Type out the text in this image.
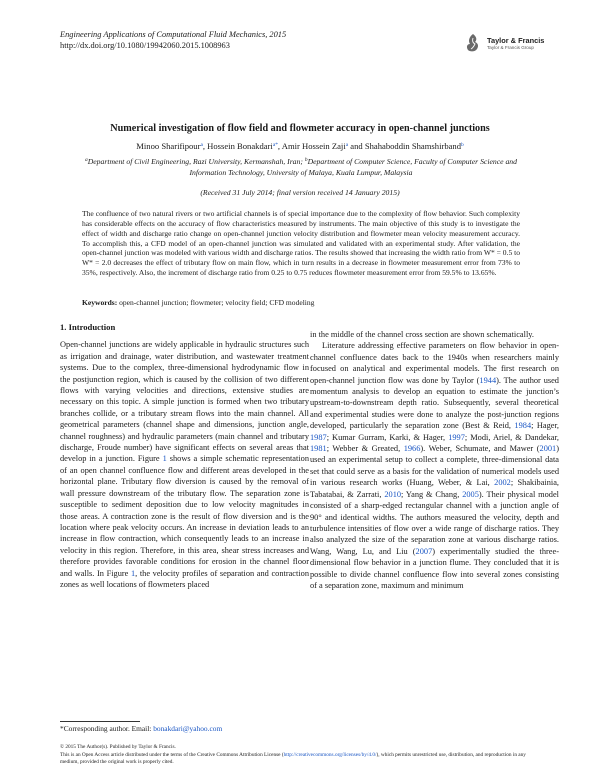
Engineering Applications of Computational Fluid Mechanics, 2015
http://dx.doi.org/10.1080/19942060.2015.1008963	Taylor & Francis
Taylor & Francis Group
Numerical investigation of flow field and flowmeter accuracy in open-channel junctions
Minoo Sharifipour$^a$, Hossein Bonakdari$^{a*}$, Amir Hossein Zaji$^a$ and Shahaboddin Shamshirband$^b$
$^a$Department of Civil Engineering, Razi University, Kermanshah, Iran; $^b$Department of Computer Science, Faculty of Computer Science and Information Technology, University of Malaya, Kuala Lumpur, Malaysia
(Received 31 July 2014; final version received 14 January 2015)
The confluence of two natural rivers or two artificial channels is of special importance due to the complexity of flow behavior. Such complexity has considerable effects on the accuracy of flow characteristics measured by instruments. The main objective of this study is to investigate the effect of width and discharge ratio change on open-channel junction velocity distribution and flowmeter mean velocity measurement accuracy. To accomplish this, a CFD model of an open-channel junction was simulated and validated with an experimental study. After validation, the open-channel junction was modeled with various width and discharge ratios. The results showed that increasing the width ratio from W* = 0.5 to W* = 2.0 decreases the effect of tributary flow on main flow, which in turn results in a decrease in flowmeter measurement error from 73% to 35%, respectively. Also, the increment of discharge ratio from 0.25 to 0.75 reduces flowmeter measurement error from 59.5% to 13.65%.
Keywords: open-channel junction; flowmeter; velocity field; CFD modeling

1. Introduction

Open-channel junctions are widely applicable in hydraulic structures such as irrigation and drainage, water distribution, and wastewater treatment systems. Due to the complex, three-dimensional hydrodynamic flow in the postjunction region, which is caused by the collision of two different flows with varying velocities and directions, extensive studies are necessary on this topic. A simple junction is formed when two tributary branches collide, or a tributary stream flows into the main channel. All geometrical parameters (channel shape and dimensions, junction angle, channel roughness) and hydraulic parameters (main channel and tributary discharge, Froude number) have significant effects on several areas that develop in a junction. Figure 1 shows a simple schematic representation of an open channel confluence flow and different areas developed in the horizontal plane. Tributary flow diversion is caused by the removal of wall pressure downstream of the tributary flow. The separation zone is susceptible to sediment deposition due to low velocity magnitudes in those areas. A contraction zone is the result of flow diversion and is the location where peak velocity occurs. An increase in deviation leads to an increase in flow contraction, which consequently leads to an increase in velocity in this region. Therefore, in this area, shear stress increases and therefore provides favorable conditions for erosion in the channel floor and walls. In Figure 1, the velocity profiles of separation and contraction zones as well locations of flowmeters placed

in the middle of the channel cross section are shown schematically.

Literature addressing effective parameters on flow behavior in open-channel confluence dates back to the 1940s when researchers mainly focused on analytical and experimental models. The first research on open-channel junction flow was done by Taylor (1944). The author used momentum analysis to develop an equation to estimate the junction’s upstream-to-downstream depth ratio. Subsequently, several theoretical and experimental studies were done to analyze the post-junction regions developed, particularly the separation zone (Best & Reid, 1984; Hager, 1987; Kumar Gurram, Karki, & Hager, 1997; Modi, Ariel, & Dandekar, 1981; Webber & Greated, 1966). Weber, Schumate, and Mawer (2001) used an experimental setup to collect a complete, three-dimensional data set that could serve as a basis for the validation of numerical models used in various research works (Huang, Weber, & Lai, 2002; Shakibainia, Tabatabai, & Zarrati, 2010; Yang & Chang, 2005). Their physical model consisted of a sharp-edged rectangular channel with a junction angle of 90° and identical widths. The authors measured the velocity, depth and turbulence intensities of flow over a wide range of discharge ratios. They also analyzed the size of the separation zone at various discharge ratios. Wang, Wang, Lu, and Liu (2007) experimentally studied the three-dimensional flow behavior in a junction flume. They concluded that it is possible to divide channel confluence flow into several zones consisting of a separation zone, maximum and minimum

*Corresponding author. Email: bonakdari@yahoo.com
© 2015 The Author(s). Published by Taylor & Francis.
This is an Open Access article distributed under the terms of the Creative Commons Attribution License (http://creativecommons.org/licenses/by/4.0/), which permits unrestricted use, distribution, and reproduction in any medium, provided the original work is properly cited.
